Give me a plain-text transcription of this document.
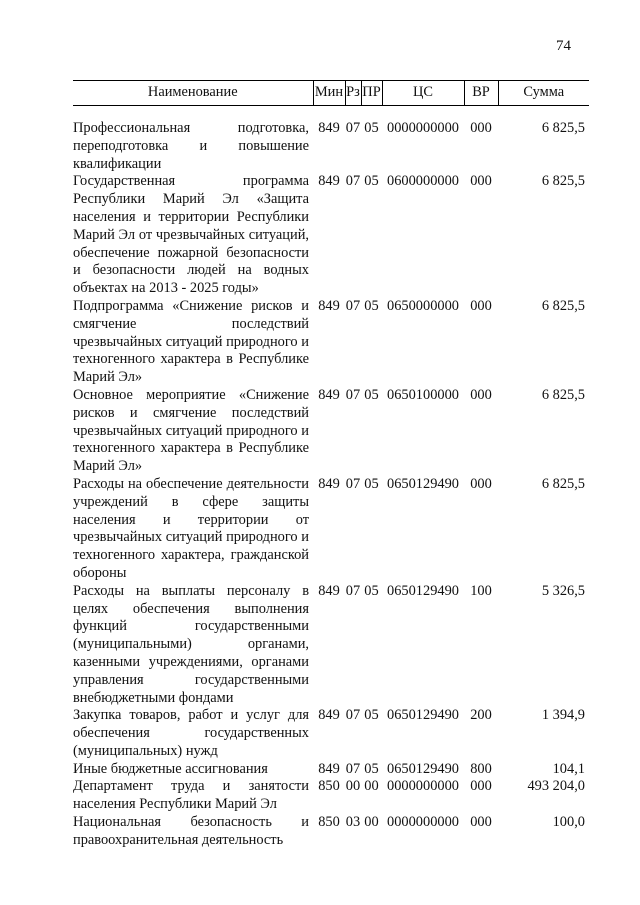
74
Наименование	Мин	Рз	ПР	ЦС	ВР	Сумма

Профессиональная подготовка, переподготовка и повышение квалификации	849	07	05	0000000000	000	6 825,5
Государственная программа Республики Марий Эл «Защита населения и территории Республики Марий Эл от чрезвычайных ситуаций, обеспечение пожарной безопасности и безопасности людей на водных объектах на 2013 - 2025 годы»	849	07	05	0600000000	000	6 825,5
Подпрограмма «Снижение рисков и смягчение последствий чрезвычайных ситуаций природного и техногенного характера в Республике Марий Эл»	849	07	05	0650000000	000	6 825,5
Основное мероприятие «Снижение рисков и смягчение последствий чрезвычайных ситуаций природного и техногенного характера в Республике Марий Эл»	849	07	05	0650100000	000	6 825,5
Расходы на обеспечение деятельности учреждений в сфере защиты населения и территории от чрезвычайных ситуаций природного и техногенного характера, гражданской обороны	849	07	05	0650129490	000	6 825,5
Расходы на выплаты персоналу в целях обеспечения выполнения функций государственными (муниципальными) органами, казенными учреждениями, органами управления государственными внебюджетными фондами	849	07	05	0650129490	100	5 326,5
Закупка товаров, работ и услуг для обеспечения государственных (муниципальных) нужд	849	07	05	0650129490	200	1 394,9
Иные бюджетные ассигнования	849	07	05	0650129490	800	104,1
Департамент труда и занятости населения Республики Марий Эл	850	00	00	0000000000	000	493 204,0
Национальная безопасность и правоохранительная деятельность	850	03	00	0000000000	000	100,0
